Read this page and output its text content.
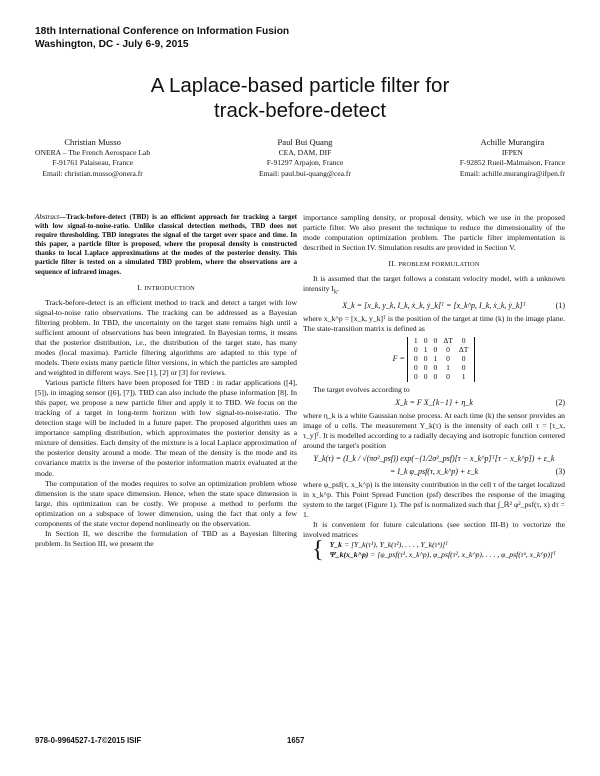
18th International Conference on Information Fusion
Washington, DC - July 6-9, 2015
A Laplace-based particle filter for
track-before-detect
Christian Musso
ONERA – The French Aerospace Lab
F-91761 Palaiseau, France
Email: christian.musso@onera.fr
Paul Bui Quang
CEA, DAM, DIF
F-91297 Arpajon, France
Email: paul.bui-quang@cea.fr
Achille Murangira
IFPEN
F-92852 Rueil-Malmaison, France
Email: achille.murangira@ifpen.fr
Abstract—Track-before-detect (TBD) is an efficient approach for tracking a target with low signal-to-noise-ratio. Unlike classical detection methods, TBD does not require thresholding. TBD integrates the signal of the target over space and time. In this paper, a particle filter is proposed, where the proposal density is constructed thanks to local Laplace approximations at the modes of the posterior density. This particle filter is tested on a simulated TBD problem, where the observations are a sequence of infrared images.
I. INTRODUCTION

Track-before-detect is an efficient method to track and detect a target with low signal-to-noise ratio observations. The tracking can be addressed as a Bayesian filtering problem. In TBD, the uncertainty on the target state remains high until a sufficient amount of observations has been integrated. In Bayesian terms, it means that the posterior distribution, i.e., the distribution of the target state, has many modes (local maxima). Particle filtering algorithms are adapted to this type of models. There exists many particle filter versions, in which the particles are sampled and weighted in different ways. See [1], [2] or [3] for reviews.

Various particle filters have been proposed for TBD : in radar applications ([4], [5]), in imaging sensor ([6], [7]). TBD can also include the phase information [8]. In this paper, we propose a new particle filter and apply it to TBD. We focus on the tracking of a target in long-term horizon with low signal-to-noise-ratio. The detection stage will be included in a future paper. The proposed algorithm uses an importance sampling distribution, which approximates the posterior density as a mixture of densities. Each density of the mixture is a local Laplace approximation of the posterior density around a mode. The mean of the density is the mode and its covariance matrix is the inverse of the posterior information matrix evaluated at the mode.

The computation of the modes requires to solve an optimization problem whose dimension is the state space dimension. Hence, when the state space dimension is large, this optimization can be costly. We propose a method to perform the optimization on a subspace of lower dimension, using the fact that only a few components of the state vector depend nonlinearly on the observation.

In Section II, we describe the formulation of TBD as a Bayesian filtering problem. In Section III, we present the

importance sampling density, or proposal density, which we use in the proposed particle filter. We also present the technique to reduce the dimensionality of the mode computation optimization problem. The particle filter implementation is described in Section IV. Simulation results are provided in Section V.

II. PROBLEM FORMULATION

It is assumed that the target follows a constant velocity model, with a unknown intensity $I_k$.

X_k = [x_k, y_k, I_k, ẋ_k, ẏ_k]ᵀ = [x_k^p, I_k, ẋ_k, ẏ_k]ᵀ	(1)

where x_k^p = [x_k, y_k]ᵀ is the position of the target at time (k) in the image plane. The state-transition matrix is defined as

F =
1	0	0	ΔT	0
0	1	0	0	ΔT
0	0	1	0	0
0	0	0	1	0
0	0	0	0	1

The target evolves according to

X_k = F X_{k−1} + η_k	(2)

where η_k is a white Gaussian noise process. At each time (k) the sensor provides an image of u cells. The measurement Y_k(τ) is the intensity of each cell τ = [τ_x, τ_y]ᵀ. It is modelled according to a radially decaying and isotropic function centered around the target's position

Y_k(τ) = (I_k / √(πσ²_psf)) exp(−(1/2σ²_psf)[τ − x_k^p]ᵀ[τ − x_k^p]) + ε_k
= I_k φ_psf(τ, x_k^p) + ε_k	(3)

where φ_psf(τ, x_k^p) is the intensity contribution in the cell τ of the target localized in x_k^p. This Point Spread Function (psf) describes the response of the imaging system to the target (Figure 1). The psf is normalized such that ∫_ℝ² φ²_psf(τ, x) dτ = 1.

It is convenient for future calculations (see section III-B) to vectorize the involved matrices

{ Y_k = [Y_k(τ¹), Y_k(τ²), . . . , Y_k(τᵘ)]ᵀ
Ψ_k(x_k^p) = [φ_psf(τ¹, x_k^p), φ_psf(τ², x_k^p), . . . , φ_psf(τᵘ, x_k^p)]ᵀ
978-0-9964527-1-7©2015 ISIF	1657
